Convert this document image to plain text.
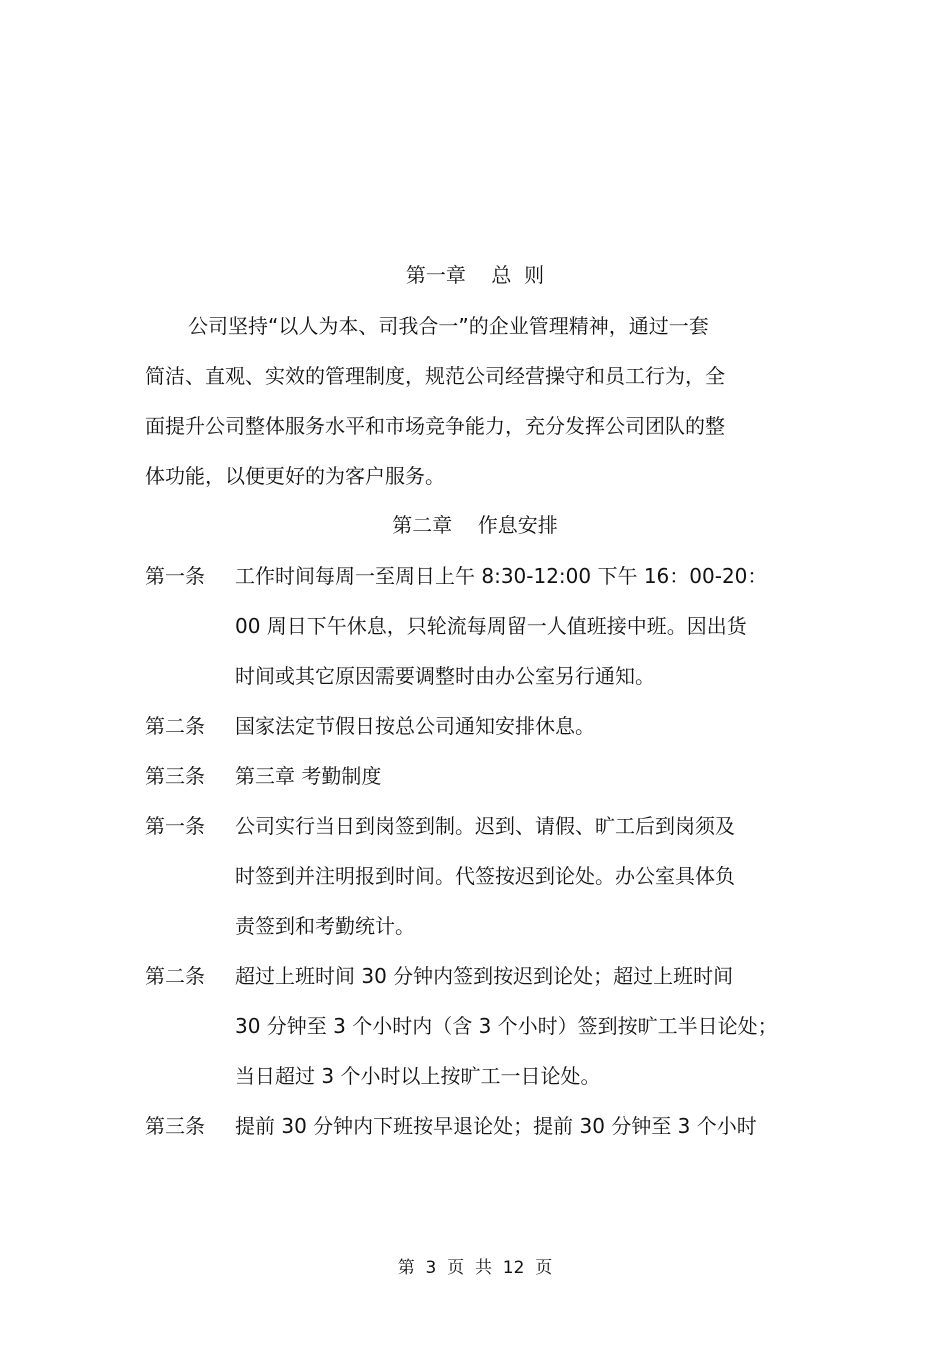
第一章    总  则
公司坚持“以人为本、司我合一”的企业管理精神，通过一套
简洁、直观、实效的管理制度，规范公司经营操守和员工行为，全
面提升公司整体服务水平和市场竞争能力，充分发挥公司团队的整
体功能，以便更好的为客户服务。
第二章    作息安排
第一条 工作时间每周一至周日上午 8:30-12:00 下午 16：00-20：
00 周日下午休息，只轮流每周留一人值班接中班。因出货
时间或其它原因需要调整时由办公室另行通知。
第二条 国家法定节假日按总公司通知安排休息。
第三条 第三章 考勤制度
第一条 公司实行当日到岗签到制。迟到、请假、旷工后到岗须及
时签到并注明报到时间。代签按迟到论处。办公室具体负
责签到和考勤统计。
第二条 超过上班时间 30 分钟内签到按迟到论处；超过上班时间
30 分钟至 3 个小时内（含 3 个小时）签到按旷工半日论处；
当日超过 3 个小时以上按旷工一日论处。
第三条 提前 30 分钟内下班按早退论处；提前 30 分钟至 3 个小时
第  3  页  共  12  页
